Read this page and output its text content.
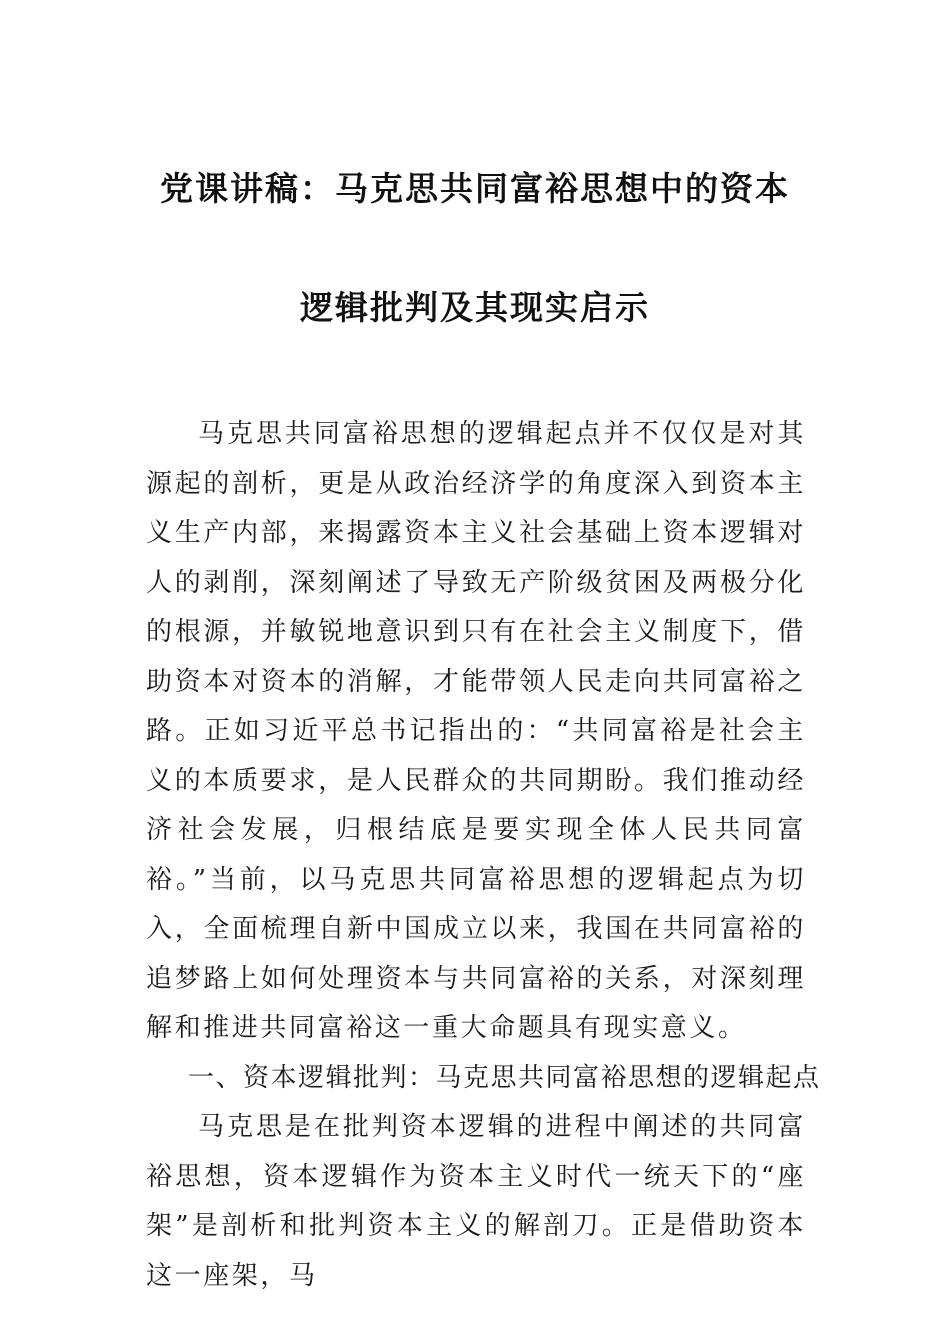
党课讲稿：马克思共同富裕思想中的资本
逻辑批判及其现实启示

马克思共同富裕思想的逻辑起点并不仅仅是对其源起的剖析，更是从政治经济学的角度深入到资本主义生产内部，来揭露资本主义社会基础上资本逻辑对人的剥削，深刻阐述了导致无产阶级贫困及两极分化的根源，并敏锐地意识到只有在社会主义制度下，借助资本对资本的消解，才能带领人民走向共同富裕之路。正如习近平总书记指出的：“共同富裕是社会主义的本质要求，是人民群众的共同期盼。我们推动经济社会发展，归根结底是要实现全体人民共同富裕。”当前，以马克思共同富裕思想的逻辑起点为切入，全面梳理自新中国成立以来，我国在共同富裕的追梦路上如何处理资本与共同富裕的关系，对深刻理解和推进共同富裕这一重大命题具有现实意义。

一、资本逻辑批判：马克思共同富裕思想的逻辑起点

马克思是在批判资本逻辑的进程中阐述的共同富裕思想，资本逻辑作为资本主义时代一统天下的“座架”是剖析和批判资本主义的解剖刀。正是借助资本这一座架，马
